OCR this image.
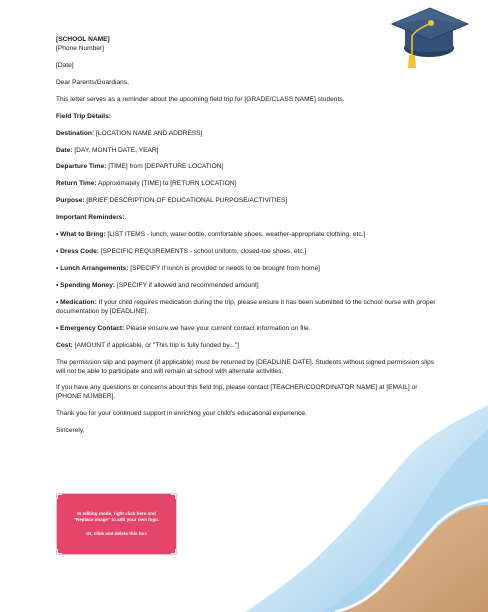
[SCHOOL NAME]

[Phone Number]

[Date]

Dear Parents/Guardians,

This letter serves as a reminder about the upcoming field trip for [GRADE/CLASS NAME] students.

Field Trip Details:

Destination: [LOCATION NAME AND ADDRESS]

Date: [DAY, MONTH DATE, YEAR]

Departure Time: [TIME] from [DEPARTURE LOCATION]

Return Time: Approximately [TIME] to [RETURN LOCATION]

Purpose: [BRIEF DESCRIPTION OF EDUCATIONAL PURPOSE/ACTIVITIES]

Important Reminders:

• What to Bring: [LIST ITEMS - lunch, water bottle, comfortable shoes, weather-appropriate clothing, etc.]

• Dress Code: [SPECIFIC REQUIREMENTS - school uniform, closed-toe shoes, etc.]

• Lunch Arrangements: [SPECIFY if lunch is provided or needs to be brought from home]

• Spending Money: [SPECIFY if allowed and recommended amount]

• Medication: If your child requires medication during the trip, please ensure it has been submitted to the school nurse with proper documentation by [DEADLINE].

• Emergency Contact: Please ensure we have your current contact information on file.

Cost: [AMOUNT if applicable, or "This trip is fully funded by..."]

The permission slip and payment (if applicable) must be returned by [DEADLINE DATE]. Students without signed permission slips will not be able to participate and will remain at school with alternate activities.

If you have any questions or concerns about this field trip, please contact [TEACHER/COORDINATOR NAME] at [EMAIL] or [PHONE NUMBER].

Thank you for your continued support in enriching your child's educational experience.

Sincerely,

In editing mode, right click here and "Replace image" to add your own logo.
Or, click and delete this box
